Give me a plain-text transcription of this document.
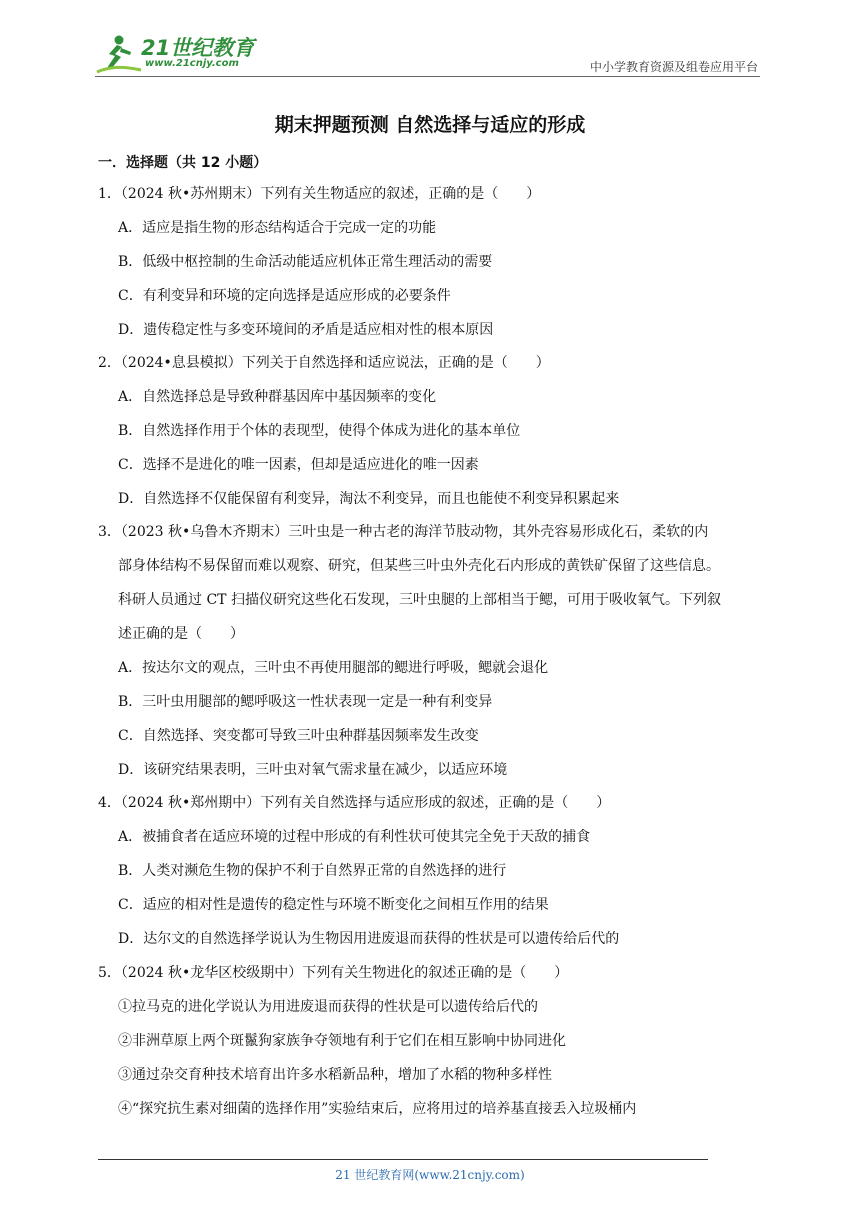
21世纪教育
www.21cnjy.com	中小学教育资源及组卷应用平台
期末押题预测 自然选择与适应的形成
一．选择题（共 12 小题）
1．（2024 秋•苏州期末）下列有关生物适应的叙述，正确的是（　　）
A．适应是指生物的形态结构适合于完成一定的功能
B．低级中枢控制的生命活动能适应机体正常生理活动的需要
C．有利变异和环境的定向选择是适应形成的必要条件
D．遗传稳定性与多变环境间的矛盾是适应相对性的根本原因
2．（2024•息县模拟）下列关于自然选择和适应说法，正确的是（　　）
A．自然选择总是导致种群基因库中基因频率的变化
B．自然选择作用于个体的表现型，使得个体成为进化的基本单位
C．选择不是进化的唯一因素，但却是适应进化的唯一因素
D．自然选择不仅能保留有利变异，淘汰不利变异，而且也能使不利变异积累起来
3．（2023 秋•乌鲁木齐期末）三叶虫是一种古老的海洋节肢动物，其外壳容易形成化石，柔软的内
部身体结构不易保留而难以观察、研究，但某些三叶虫外壳化石内形成的黄铁矿保留了这些信息。
科研人员通过 CT 扫描仪研究这些化石发现，三叶虫腿的上部相当于鳃，可用于吸收氧气。下列叙
述正确的是（　　）
A．按达尔文的观点，三叶虫不再使用腿部的鳃进行呼吸，鳃就会退化
B．三叶虫用腿部的鳃呼吸这一性状表现一定是一种有利变异
C．自然选择、突变都可导致三叶虫种群基因频率发生改变
D．该研究结果表明，三叶虫对氧气需求量在减少，以适应环境
4．（2024 秋•郑州期中）下列有关自然选择与适应形成的叙述，正确的是（　　）
A．被捕食者在适应环境的过程中形成的有利性状可使其完全免于天敌的捕食
B．人类对濒危生物的保护不利于自然界正常的自然选择的进行
C．适应的相对性是遗传的稳定性与环境不断变化之间相互作用的结果
D．达尔文的自然选择学说认为生物因用进废退而获得的性状是可以遗传给后代的
5．（2024 秋•龙华区校级期中）下列有关生物进化的叙述正确的是（　　）
①拉马克的进化学说认为用进废退而获得的性状是可以遗传给后代的
②非洲草原上两个斑鬣狗家族争夺领地有利于它们在相互影响中协同进化
③通过杂交育种技术培育出许多水稻新品种，增加了水稻的物种多样性
④“探究抗生素对细菌的选择作用”实验结束后，应将用过的培养基直接丢入垃圾桶内
21 世纪教育网(www.21cnjy.com)
